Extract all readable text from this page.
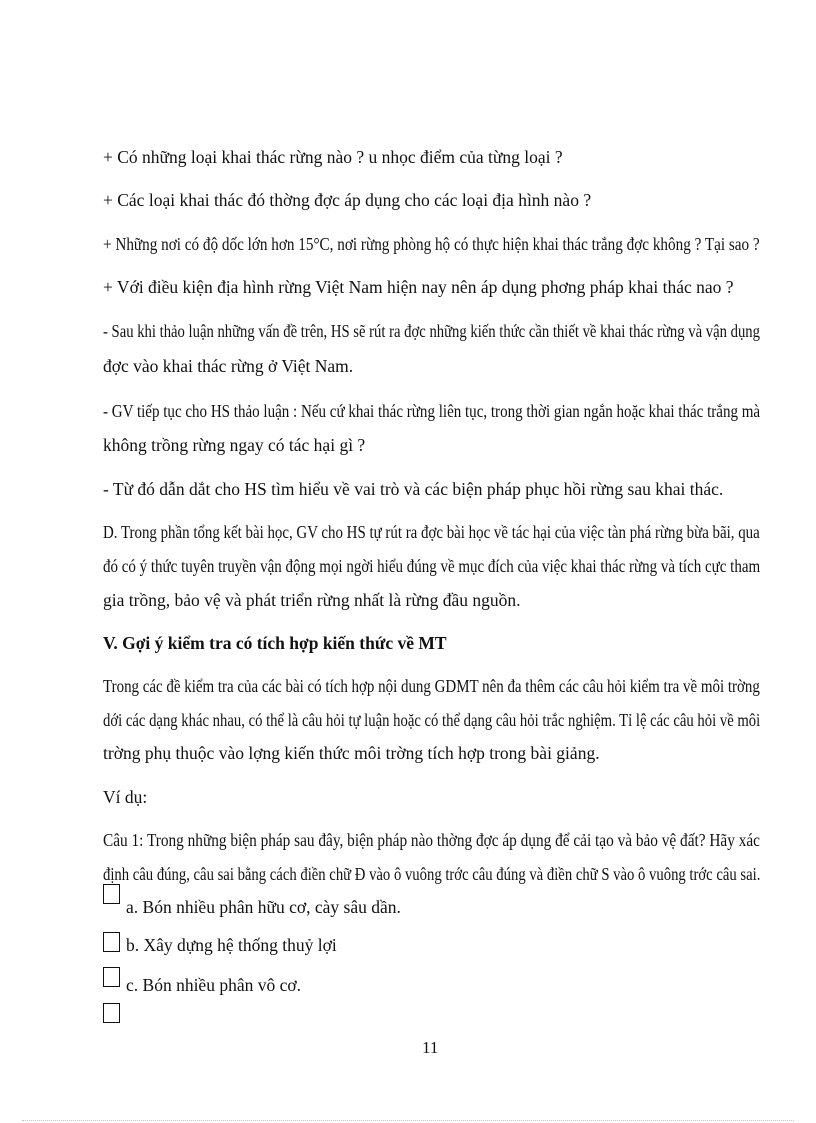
+ Có những loại khai thác rừng nào ? u nhọc điểm của từng loại ?

+ Các loại khai thác đó thờng đợc áp dụng cho các loại địa hình nào ?

+ Những nơi có độ dốc lớn hơn 15°C, nơi rừng phòng hộ có thực hiện khai thác trắng đợc không ? Tại sao ?

+ Với điều kiện địa hình rừng Việt Nam hiện nay nên áp dụng phơng pháp khai thác nao ?

- Sau khi thảo luận những vấn đề trên, HS sẽ rút ra đợc những kiến thức cần thiết về khai thác rừng và vận dụng

đợc vào khai thác rừng ở Việt Nam.

- GV tiếp tục cho HS thảo luận : Nếu cứ khai thác rừng liên tục, trong thời gian ngắn hoặc khai thác trắng mà

không trồng rừng ngay có tác hại gì ?

- Từ đó dẫn dắt cho HS tìm hiểu về vai trò và các biện pháp phục hồi rừng sau khai thác.

D. Trong phần tổng kết bài học, GV cho HS tự rút ra đợc bài học về tác hại của việc tàn phá rừng bừa bãi, qua

đó có ý thức tuyên truyền vận động mọi ngời hiểu đúng về mục đích của việc khai thác rừng và tích cực tham

gia trồng, bảo vệ và phát triển rừng nhất là rừng đầu nguồn.

V. Gợi ý kiểm tra có tích hợp kiến thức về MT

Trong các đề kiểm tra của các bài có tích hợp nội dung GDMT nên đa thêm các câu hỏi kiểm tra về môi trờng

dới các dạng khác nhau, có thể là câu hỏi tự luận hoặc có thể dạng câu hỏi trắc nghiệm. Tỉ lệ các câu hỏi về môi

trờng phụ thuộc vào lợng kiến thức môi trờng tích hợp trong bài giảng.

Ví dụ:

Câu 1: Trong những biện pháp sau đây, biện pháp nào thờng đợc áp dụng để cải tạo và bảo vệ đất? Hãy xác

định câu đúng, câu sai bằng cách điền chữ Đ vào ô vuông trớc câu đúng và điền chữ S vào ô vuông trớc câu sai.

a. Bón nhiều phân hữu cơ, cày sâu dần.

b. Xây dựng hệ thống thuỷ lợi

c. Bón nhiều phân vô cơ.

11
